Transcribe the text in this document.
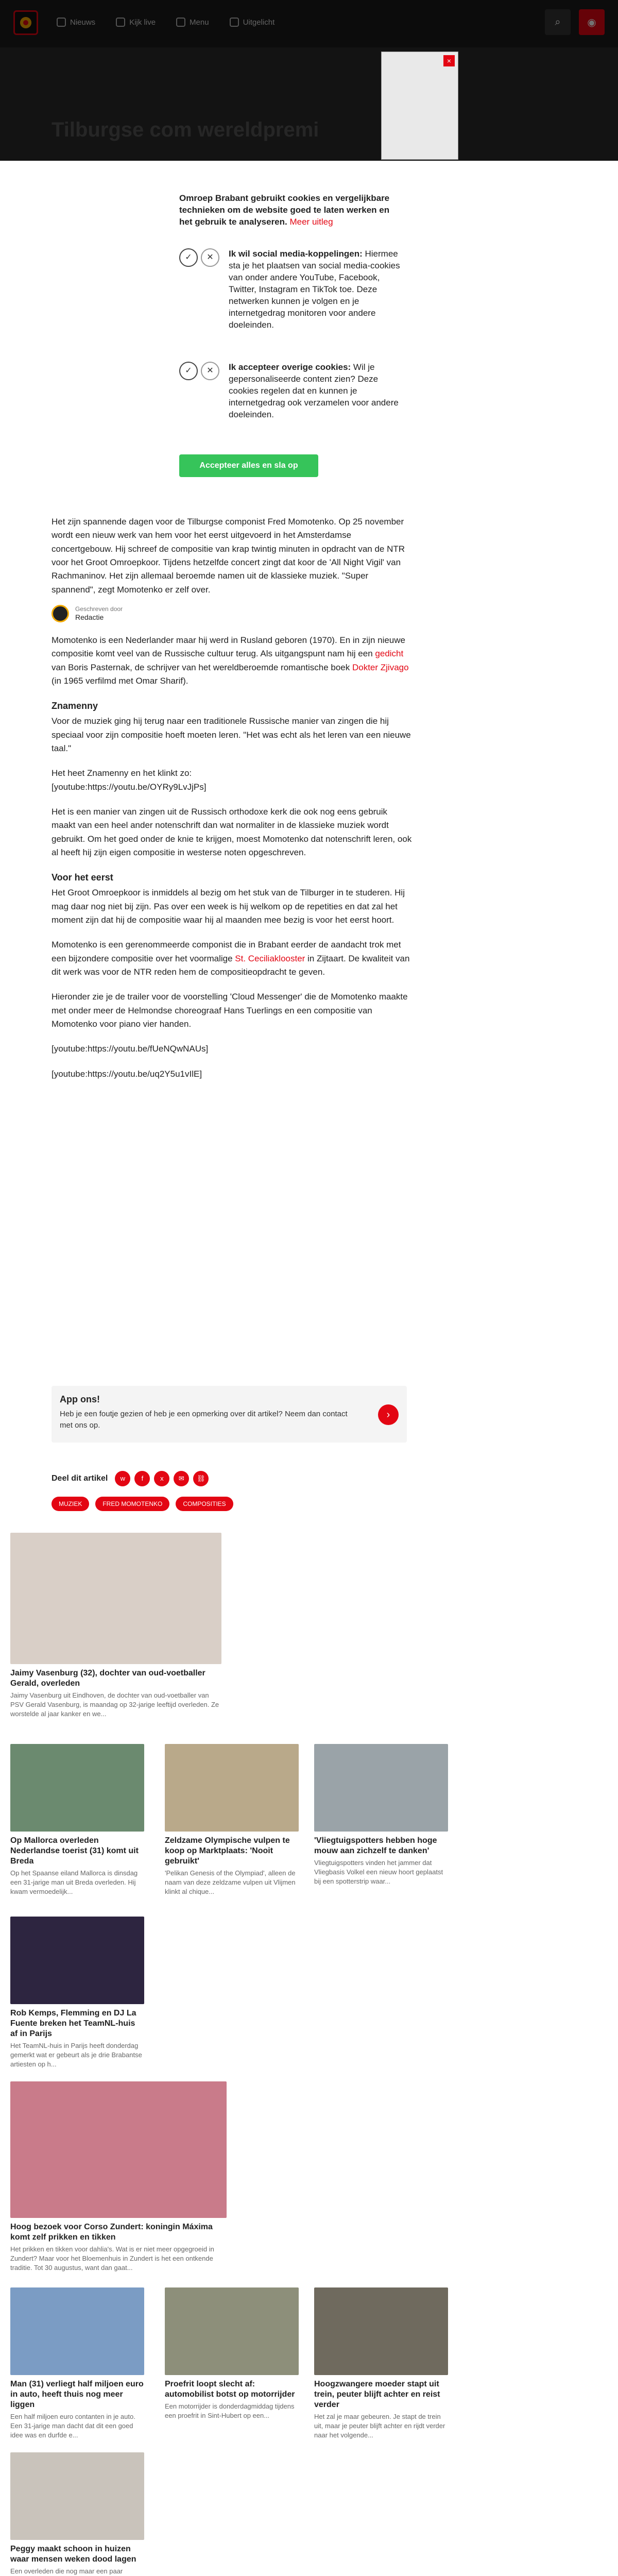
×
Omroep Brabant gebruikt cookies en vergelijkbare technieken om de website goed te laten werken en het gebruik te analyseren. Meer uitleg
✓	✕	Ik wil social media-koppelingen: Hiermee sta je het plaatsen van social media-cookies van onder andere YouTube, Facebook, Twitter, Instagram en TikTok toe. Deze netwerken kunnen je volgen en je internetgedrag monitoren voor andere doeleinden.
✓	✕	Ik accepteer overige cookies: Wil je gepersonaliseerde content zien? Deze cookies regelen dat en kunnen je internetgedrag ook verzamelen voor andere doeleinden.
Accepteer alles en sla op

Het zijn spannende dagen voor de Tilburgse componist Fred Momotenko. Op 25 november wordt een nieuw werk van hem voor het eerst uitgevoerd in het Amsterdamse concertgebouw. Hij schreef de compositie van krap twintig minuten in opdracht van de NTR voor het Groot Omroepkoor. Tijdens hetzelfde concert zingt dat koor de 'All Night Vigil' van Rachmaninov. Het zijn allemaal beroemde namen uit de klassieke muziek. "Super spannend", zegt Momotenko er zelf over.

Geschreven door
Redactie

Momotenko is een Nederlander maar hij werd in Rusland geboren (1970). En in zijn nieuwe compositie komt veel van de Russische cultuur terug. Als uitgangspunt nam hij een gedicht van Boris Pasternak, de schrijver van het wereldberoemde romantische boek Dokter Zjivago (in 1965 verfilmd met Omar Sharif).

Znamenny

Voor de muziek ging hij terug naar een traditionele Russische manier van zingen die hij speciaal voor zijn compositie hoeft moeten leren. "Het was echt als het leren van een nieuwe taal."

Het heet Znamenny en het klinkt zo:

[youtube:https://youtu.be/OYRy9LvJjPs]

Het is een manier van zingen uit de Russisch orthodoxe kerk die ook nog eens gebruik maakt van een heel ander notenschrift dan wat normaliter in de klassieke muziek wordt gebruikt. Om het goed onder de knie te krijgen, moest Momotenko dat notenschrift leren, ook al heeft hij zijn eigen compositie in westerse noten opgeschreven.

Voor het eerst

Het Groot Omroepkoor is inmiddels al bezig om het stuk van de Tilburger in te studeren. Hij mag daar nog niet bij zijn. Pas over een week is hij welkom op de repetities en dat zal het moment zijn dat hij de compositie waar hij al maanden mee bezig is voor het eerst hoort.

Momotenko is een gerenommeerde componist die in Brabant eerder de aandacht trok met een bijzondere compositie over het voormalige St. Ceciliaklooster in Zijtaart. De kwaliteit van dit werk was voor de NTR reden hem de compositieopdracht te geven.

Hieronder zie je de trailer voor de voorstelling 'Cloud Messenger' die de Momotenko maakte met onder meer de Helmondse choreograaf Hans Tuerlings en een compositie van Momotenko voor piano vier handen.

[youtube:https://youtu.be/fUeNQwNAUs]

[youtube:https://youtu.be/uq2Y5u1vIlE]

App ons!
Heb je een foutje gezien of heb je een opmerking over dit artikel? Neem dan contact met ons op.
›
Deel dit artikel	w	f	x	✉	⛓
MUZIEK	FRED MOMOTENKO	COMPOSITIES
Jaimy Vasenburg (32), dochter van oud-voetballer Gerald, overleden
Jaimy Vasenburg uit Eindhoven, de dochter van oud-voetballer van PSV Gerald Vasenburg, is maandag op 32-jarige leeftijd overleden. Ze worstelde al jaar kanker en we...
Op Mallorca overleden Nederlandse toerist (31) komt uit Breda
Op het Spaanse eiland Mallorca is dinsdag een 31-jarige man uit Breda overleden. Hij kwam vermoedelijk...
Zeldzame Olympische vulpen te koop op Marktplaats: 'Nooit gebruikt'
'Pelikan Genesis of the Olympiad', alleen de naam van deze zeldzame vulpen uit Vlijmen klinkt al chique...
'Vliegtuigspotters hebben hoge mouw aan zichzelf te danken'
Vliegtuigspotters vinden het jammer dat Vliegbasis Volkel een nieuw hoort geplaatst bij een spotterstrip waar...
Rob Kemps, Flemming en DJ La Fuente breken het TeamNL-huis af in Parijs
Het TeamNL-huis in Parijs heeft donderdag gemerkt wat er gebeurt als je drie Brabantse artiesten op h...
Hoog bezoek voor Corso Zundert: koningin Máxima komt zelf prikken en tikken
Het prikken en tikken voor dahlia's. Wat is er niet meer opgegroeid in Zundert? Maar voor het Bloemenhuis in Zundert is het een ontkende traditie. Tot 30 augustus, want dan gaat...
Man (31) verliegt half miljoen euro in auto, heeft thuis nog meer liggen
Een half miljoen euro contanten in je auto. Een 31-jarige man dacht dat dit een goed idee was en durfde e...
Proefrit loopt slecht af: automobilist botst op motorrijder
Een motorrijder is donderdagmiddag tijdens een proefrit in Sint-Hubert op een...
Hoogzwangere moeder stapt uit trein, peuter blijft achter en reist verder
Het zal je maar gebeuren. Je stapt de trein uit, maar je peuter blijft achter en rijdt verder naar het volgende...
Peggy maakt schoon in huizen waar mensen weken dood lagen
Een overleden die nog maar een paar
